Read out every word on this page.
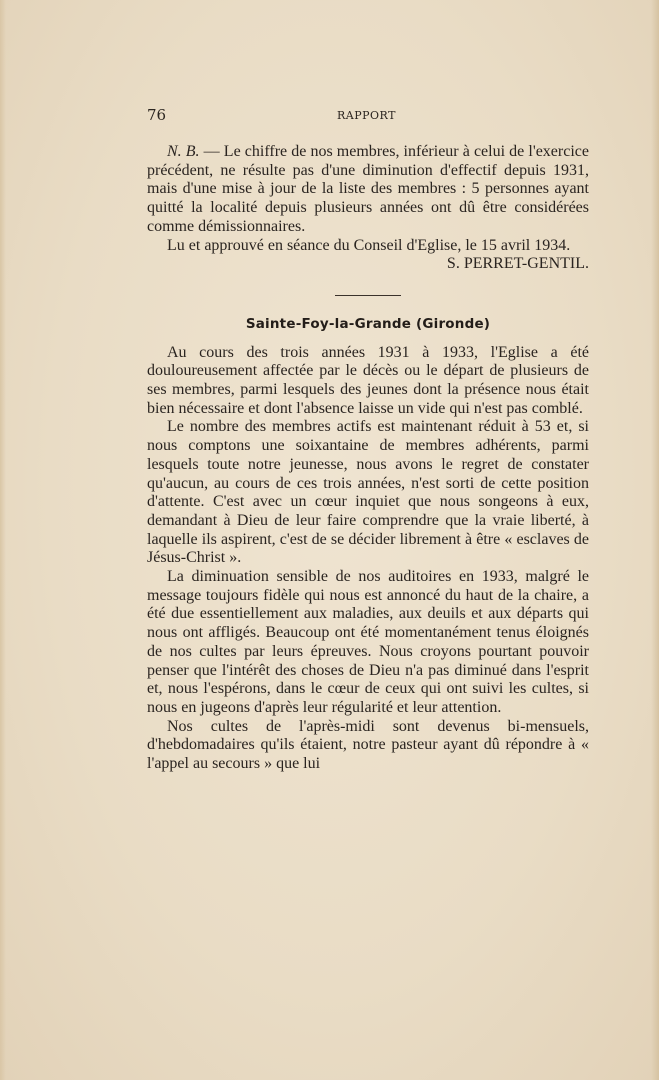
76	RAPPORT

N. B. — Le chiffre de nos membres, inférieur à celui de l'exercice précédent, ne résulte pas d'une diminution d'effectif depuis 1931, mais d'une mise à jour de la liste des membres : 5 personnes ayant quitté la localité depuis plusieurs années ont dû être considérées comme démissionnaires.

Lu et approuvé en séance du Conseil d'Eglise, le 15 avril 1934.

S. PERRET-GENTIL.

Sainte-Foy-la-Grande (Gironde)

Au cours des trois années 1931 à 1933, l'Eglise a été douloureusement affectée par le décès ou le départ de plusieurs de ses membres, parmi lesquels des jeunes dont la présence nous était bien nécessaire et dont l'absence laisse un vide qui n'est pas comblé.

Le nombre des membres actifs est maintenant réduit à 53 et, si nous comptons une soixantaine de membres adhérents, parmi lesquels toute notre jeunesse, nous avons le regret de constater qu'aucun, au cours de ces trois années, n'est sorti de cette position d'attente. C'est avec un cœur inquiet que nous songeons à eux, demandant à Dieu de leur faire comprendre que la vraie liberté, à laquelle ils aspirent, c'est de se décider librement à être « esclaves de Jésus-Christ ».

La diminuation sensible de nos auditoires en 1933, malgré le message toujours fidèle qui nous est annoncé du haut de la chaire, a été due essentiellement aux maladies, aux deuils et aux départs qui nous ont affligés. Beaucoup ont été momentanément tenus éloignés de nos cultes par leurs épreuves. Nous croyons pourtant pouvoir penser que l'intérêt des choses de Dieu n'a pas diminué dans l'esprit et, nous l'espérons, dans le cœur de ceux qui ont suivi les cultes, si nous en jugeons d'après leur régularité et leur attention.

Nos cultes de l'après-midi sont devenus bi-mensuels, d'hebdomadaires qu'ils étaient, notre pasteur ayant dû répondre à « l'appel au secours » que lui
